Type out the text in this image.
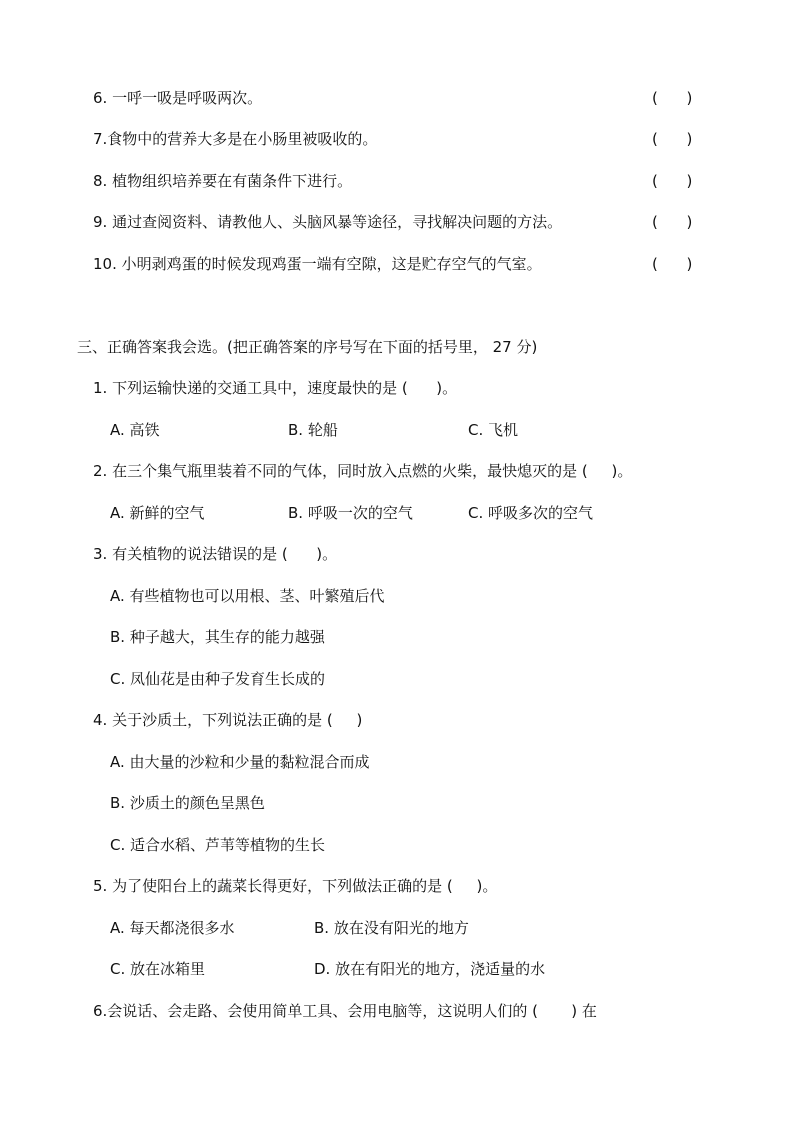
6. 一呼一吸是呼吸两次。	(      )
7.食物中的营养大多是在小肠里被吸收的。	(      )
8. 植物组织培养要在有菌条件下进行。	(      )
9. 通过查阅资料、请教他人、头脑风暴等途径，寻找解决问题的方法。	(      )
10. 小明剥鸡蛋的时候发现鸡蛋一端有空隙，这是贮存空气的气室。	(      )
三、正确答案我会选。(把正确答案的序号写在下面的括号里， 27 分)
1. 下列运输快递的交通工具中，速度最快的是 (      )。
A. 高铁	B. 轮船	C. 飞机
2. 在三个集气瓶里装着不同的气体，同时放入点燃的火柴，最快熄灭的是 (     )。
A. 新鲜的空气	B. 呼吸一次的空气	C. 呼吸多次的空气
3. 有关植物的说法错误的是 (      )。
A. 有些植物也可以用根、茎、叶繁殖后代
B. 种子越大，其生存的能力越强
C. 凤仙花是由种子发育生长成的
4. 关于沙质土，下列说法正确的是 (     )
A. 由大量的沙粒和少量的黏粒混合而成
B. 沙质土的颜色呈黑色
C. 适合水稻、芦苇等植物的生长
5. 为了使阳台上的蔬菜长得更好，下列做法正确的是 (     )。
A. 每天都浇很多水	B. 放在没有阳光的地方
C. 放在冰箱里	D. 放在有阳光的地方，浇适量的水
6.会说话、会走路、会使用简单工具、会用电脑等，这说明人们的 (       ) 在
